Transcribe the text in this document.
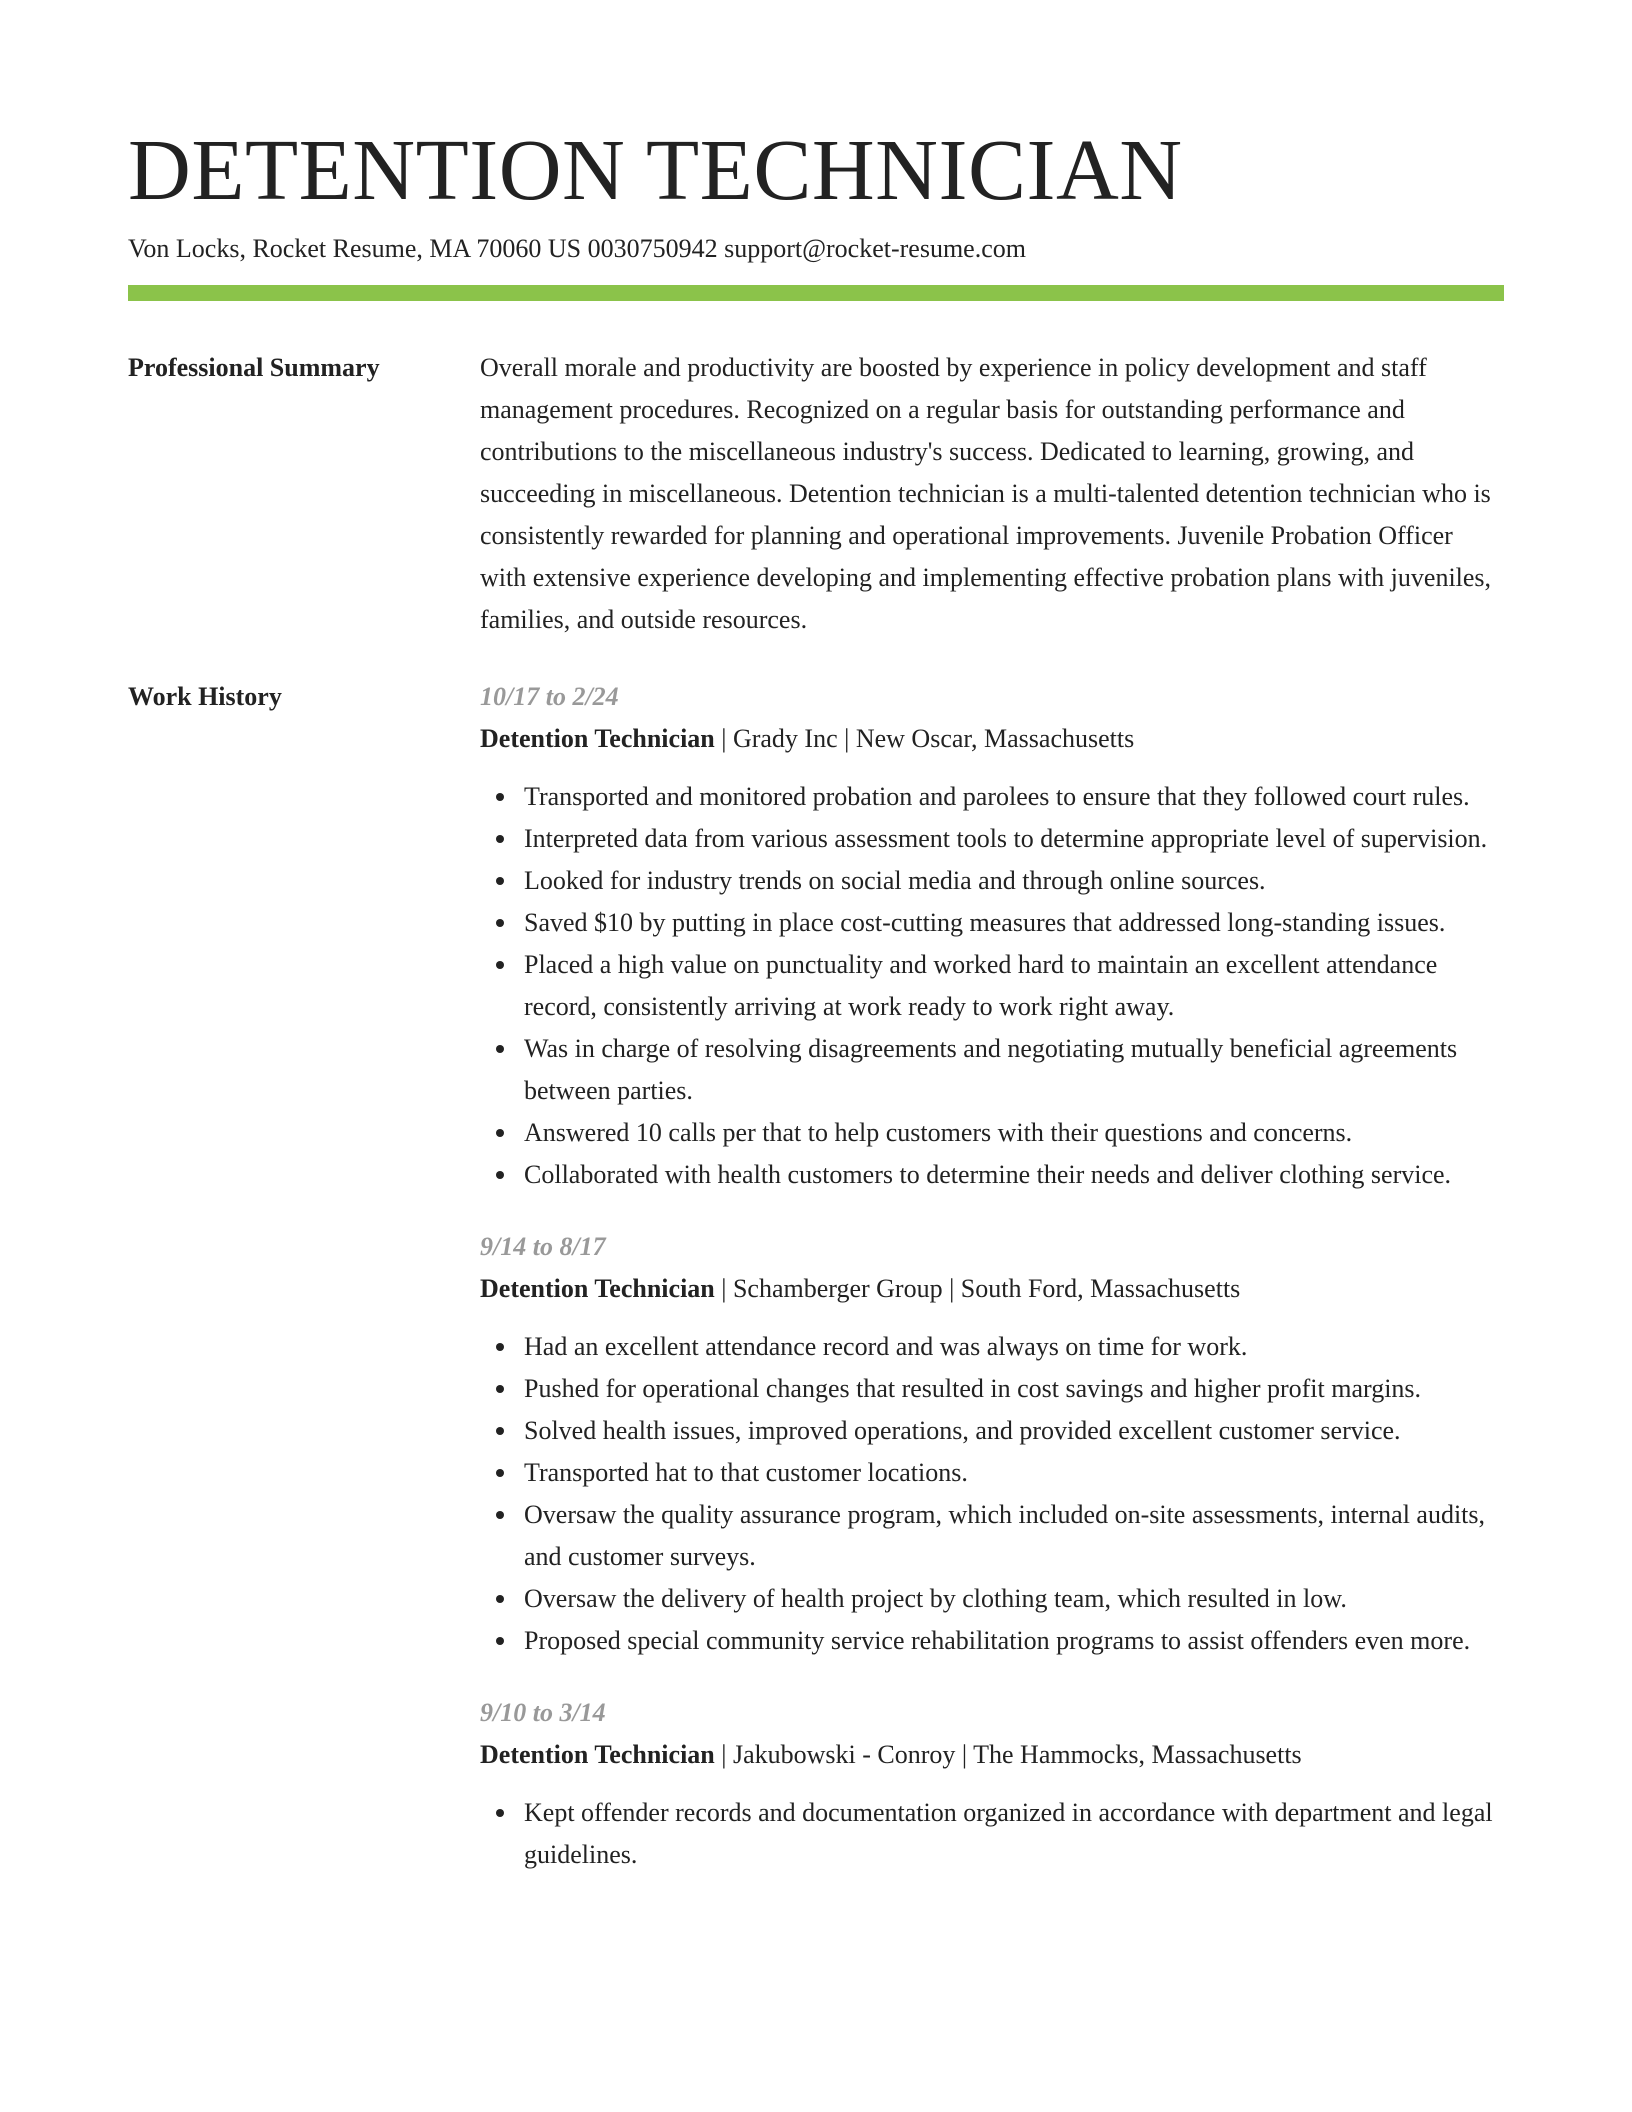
DETENTION TECHNICIAN
Von Locks, Rocket Resume, MA 70060 US 0030750942 support@rocket-resume.com
Professional Summary	Overall morale and productivity are boosted by experience in policy development and staff management procedures. Recognized on a regular basis for outstanding performance and contributions to the miscellaneous industry's success. Dedicated to learning, growing, and succeeding in miscellaneous. Detention technician is a multi-talented detention technician who is consistently rewarded for planning and operational improvements. Juvenile Probation Officer with extensive experience developing and implementing effective probation plans with juveniles, families, and outside resources.

Work History	10/17 to 2/24
Detention Technician | Grady Inc | New Oscar, Massachusetts
Transported and monitored probation and parolees to ensure that they followed court rules.
Interpreted data from various assessment tools to determine appropriate level of supervision.
Looked for industry trends on social media and through online sources.
Saved $10 by putting in place cost-cutting measures that addressed long-standing issues.
Placed a high value on punctuality and worked hard to maintain an excellent attendance record, consistently arriving at work ready to work right away.
Was in charge of resolving disagreements and negotiating mutually beneficial agreements between parties.
Answered 10 calls per that to help customers with their questions and concerns.
Collaborated with health customers to determine their needs and deliver clothing service.
9/14 to 8/17
Detention Technician | Schamberger Group | South Ford, Massachusetts
Had an excellent attendance record and was always on time for work.
Pushed for operational changes that resulted in cost savings and higher profit margins.
Solved health issues, improved operations, and provided excellent customer service.
Transported hat to that customer locations.
Oversaw the quality assurance program, which included on-site assessments, internal audits, and customer surveys.
Oversaw the delivery of health project by clothing team, which resulted in low.
Proposed special community service rehabilitation programs to assist offenders even more.
9/10 to 3/14
Detention Technician | Jakubowski - Conroy | The Hammocks, Massachusetts
Kept offender records and documentation organized in accordance with department and legal guidelines.
